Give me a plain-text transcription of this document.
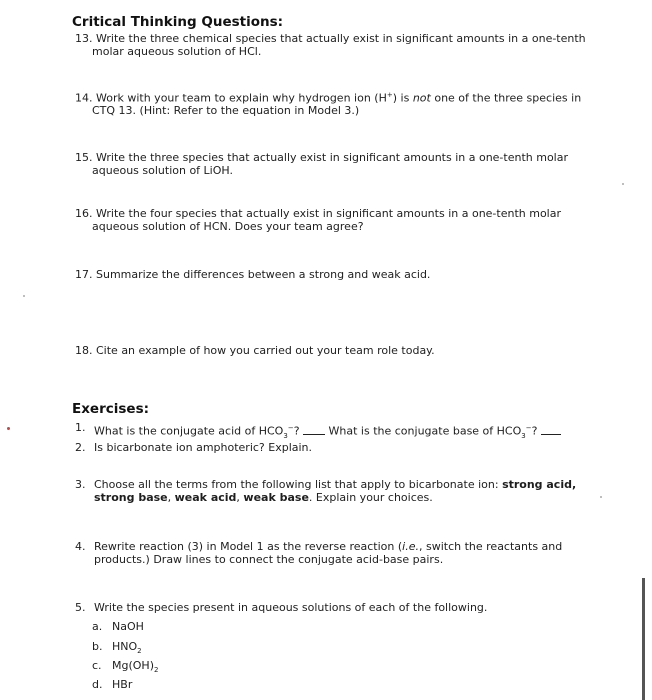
Critical Thinking Questions:
13. Write the three chemical species that actually exist in significant amounts in a one-tenth
molar aqueous solution of HCl.
14. Work with your team to explain why hydrogen ion (H+) is not one of the three species in
CTQ 13. (Hint: Refer to the equation in Model 3.)
15. Write the three species that actually exist in significant amounts in a one-tenth molar
aqueous solution of LiOH.
16. Write the four species that actually exist in significant amounts in a one-tenth molar
aqueous solution of HCN. Does your team agree?
17. Summarize the differences between a strong and weak acid.
18. Cite an example of how you carried out your team role today.
Exercises:
1. What is the conjugate acid of $HCO_3^-$?	What is the conjugate base of $HCO_3^-$?
2. Is bicarbonate ion amphoteric? Explain.
3. Choose all the terms from the following list that apply to bicarbonate ion: strong acid,
strong base, weak acid, weak base. Explain your choices.
4. Rewrite reaction (3) in Model 1 as the reverse reaction (i.e., switch the reactants and
products.) Draw lines to connect the conjugate acid-base pairs.
5. Write the species present in aqueous solutions of each of the following.
a. NaOH
b. $HNO_2$
c. $Mg(OH)_2$
d. HBr
